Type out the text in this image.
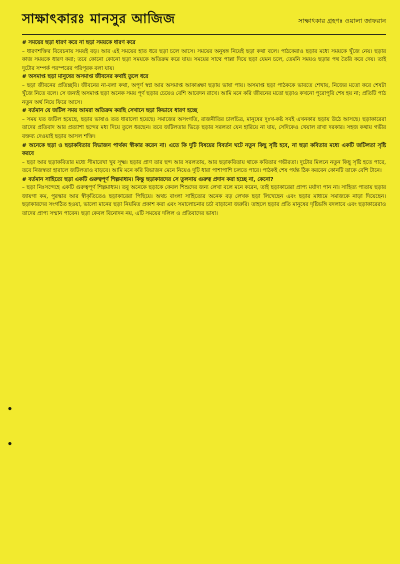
সাক্ষাৎকারঃ মানসুর আজিজ	সাক্ষাৎকার গ্রহণঃ ওয়ালা জাফরান

# সময়ের ছড়া ধারণ করে না ছড়া সময়কে ধারণ করে

– ধারণশক্তির বিবেচনায় সময়ই বড়। আর এই সময়ের হাত ধরে ছড়া চলে আসে। সময়ের অনুষঙ্গ নিয়েই ছড়া কথা বলে। পাঠকেরাও ছড়ার মধ্যে সময়কে খুঁজে নেয়। ছড়ার কাজ সময়কে ধারণ করা; তবে কোনো কোনো ছড়া সময়কে অতিক্রম করে যায়। সময়ের সাথে পাল্লা দিয়ে ছড়া যেমন চলে, তেমনি সময়ও ছড়ার পথ তৈরি করে দেয়। তাই দুটোর সম্পর্ক পরস্পরের পরিপূরক বলা যায়।

# অসমাপ্ত ছড়া মানুষের অসমাপ্ত জীবনের কথাই তুলে ধরে

– ছড়া জীবনের প্রতিচ্ছবি। জীবনের না-বলা কথা, অপূর্ণ স্বপ্ন আর অসমাপ্ত আকাঙ্ক্ষা ছড়ায় ভাষা পায়। অসমাপ্ত ছড়া পাঠককে ভাবতে শেখায়, নিজের মতো করে শেষটা খুঁজে নিতে বলে। সে জন্যই অসমাপ্ত ছড়া অনেক সময় পূর্ণ ছড়ার চেয়েও বেশি আবেদন রাখে। আমি মনে করি জীবনের মতো ছড়াও কখনো পুরোপুরি শেষ হয় না; প্রতিটি পাঠ নতুন অর্থ নিয়ে ফিরে আসে।

# বর্তমান যে জটিল সময় আমরা অতিক্রম করছি সেখানে ছড়া কিভাবে ধারণ হচ্ছে

– সময় যত জটিল হয়েছে, ছড়ার ভাষাও তত ধারালো হয়েছে। সমাজের অসংগতি, রাজনীতির চালচিত্র, মানুষের দুঃখ-কষ্ট সবই এখনকার ছড়ায় উঠে আসছে। ছড়াকারেরা তাদের প্রতিবাদ আর প্রত্যাশা ছন্দের মধ্য দিয়ে তুলে ধরছেন। তবে জটিলতার ভিড়ে ছড়ার সরলতা যেন হারিয়ে না যায়, সেদিকেও খেয়াল রাখা দরকার। সহজ কথায় গভীর বক্তব্য দেওয়াই ছড়ার আসল শক্তি।

# অনেকে ছড়া ও ছড়াকবিতার বিভাজন পার্থক্য স্বীকার করেন না। এতে কি দুটি বিষয়ের বিবর্তন ঘটে নতুন কিছু সৃষ্টি হবে, না ছড়া কবিতার মধ্যে একটি জটিলতা সৃষ্টি করবে

– ছড়া আর ছড়াকবিতার মধ্যে সীমারেখা খুব সূক্ষ্ম। ছড়ার প্রাণ তার ছন্দ আর সরলতায়, আর ছড়াকবিতায় থাকে কবিতার গভীরতা। দুটোর মিলনে নতুন কিছু সৃষ্টি হতে পারে, তবে নিজস্বতা হারালে জটিলতাও বাড়বে। আমি মনে করি বিভাজন মেনে নিয়েও দুটি ধারা পাশাপাশি চলতে পারে। পাঠকই শেষ পর্যন্ত ঠিক করবেন কোনটি তাকে বেশি টানে।

# বর্তমান সাহিত্যে ছড়া একটি গুরুত্বপূর্ণ শিল্পমাধ্যম। কিন্তু ছড়াকারদের সে তুলনায় গুরুত্ব প্রদান করা হচ্ছে না, কেনো?

– ছড়া নিঃসন্দেহে একটি গুরুত্বপূর্ণ শিল্পমাধ্যম। তবু অনেকে ছড়াকে কেবল শিশুদের জন্য লেখা বলে মনে করেন, তাই ছড়াকারেরা প্রাপ্য মর্যাদা পান না। সাহিত্য পাতায় ছড়ার জায়গা কম, পুরস্কার আর স্বীকৃতিতেও ছড়াকারেরা পিছিয়ে। অথচ বাংলা সাহিত্যের অনেক বড় লেখক ছড়া লিখেছেন এবং ছড়ার মাধ্যমে সমাজকে নাড়া দিয়েছেন। ছড়াকারদের সংগঠিত হওয়া, ভালো মানের ছড়া নিয়মিত প্রকাশ করা এবং সমালোচনার চর্চা বাড়ানো জরুরি। তাহলে ছড়ার প্রতি মানুষের দৃষ্টিভঙ্গি বদলাবে এবং ছড়াকারেরাও তাদের প্রাপ্য সম্মান পাবেন। ছড়া কেবল বিনোদন নয়, এটি সময়ের দলিল ও প্রতিবাদের ভাষা।

•
•
